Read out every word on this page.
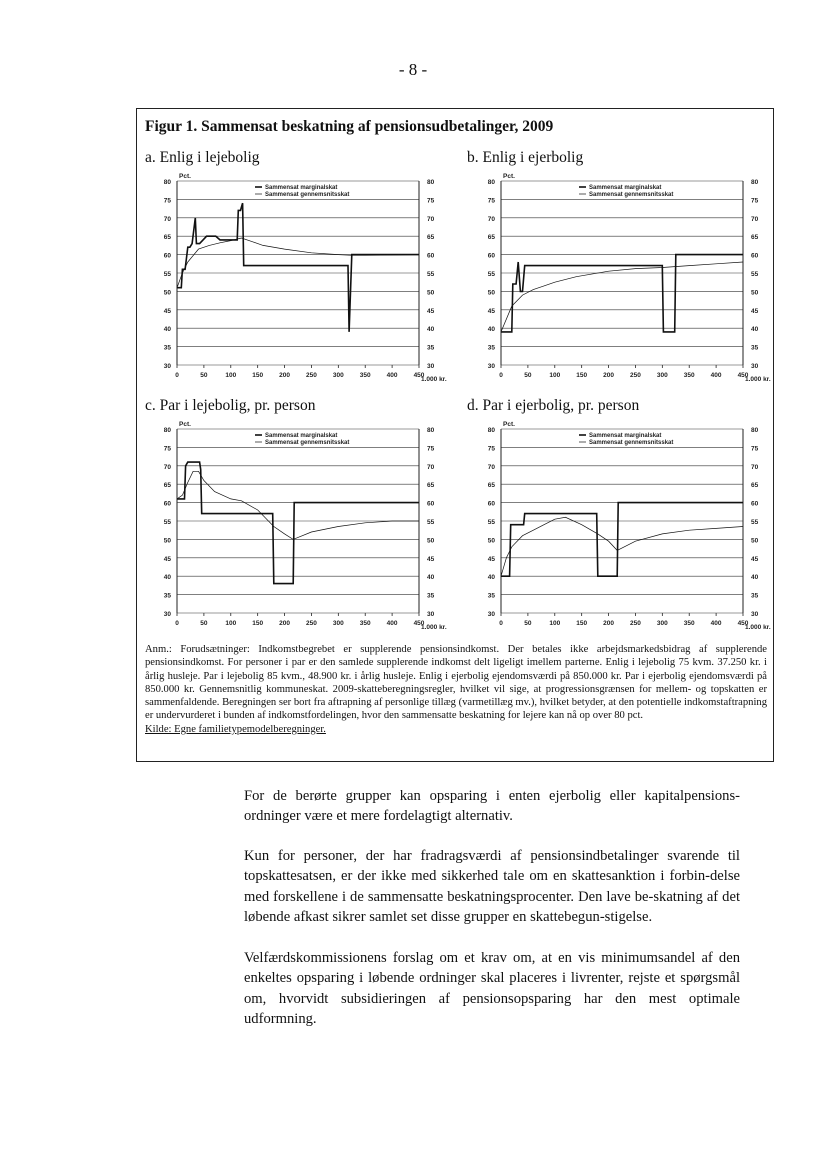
- 8 -
Figur 1. Sammensat beskatning af pensionsudbetalinger, 2009
a. Enlig i lejebolig	b. Enlig i ejerbolig
c. Par i lejebolig, pr. person	d. Par i ejerbolig, pr. person
30	30
35	35
40	40
45	45
50	50
55	55
60	60
65	65
70	70
75	75
80	80
0	50	100 150 200 250 300 350 400 450
1.000 kr.
Pct.
Sammensat marginalskat
Sammensat gennemsnitsskat
30	30
35	35
40	40
45	45
50	50
55	55
60	60
65	65
70	70
75	75
80	80
0	50	100 150 200 250 300 350 400 450
1.000 kr.
Pct.
Sammensat marginalskat
Sammensat gennemsnitsskat
30	30
35	35
40	40
45	45
50	50
55	55
60	60
65	65
70	70
75	75
80	80
0	50	100 150 200 250 300 350 400 450
1.000 kr.
Pct.
Sammensat marginalskat
Sammensat gennemsnitsskat
30	30
35	35
40	40
45	45
50	50
55	55
60	60
65	65
70	70
75	75
80	80
0	50	100 150 200 250 300 350 400 450
1.000 kr.
Pct.
Sammensat marginalskat
Sammensat gennemsnitsskat
Anm.: Forudsætninger: Indkomstbegrebet er supplerende pensionsindkomst. Der betales ikke arbejdsmarkedsbidrag af supplerende pensionsindkomst. For personer i par er den samlede supplerende indkomst delt ligeligt imellem parterne. Enlig i lejebolig 75 kvm. 37.250 kr. i årlig husleje. Par i lejebolig 85 kvm., 48.900 kr. i årlig husleje. Enlig i ejerbolig ejendomsværdi på 850.000 kr. Par i ejerbolig ejendomsværdi på 850.000 kr. Gennemsnitlig kommuneskat. 2009-skatteberegningsregler, hvilket vil sige, at progressionsgrænsen for mellem- og topskatten er sammenfaldende. Beregningen ser bort fra aftrapning af personlige tillæg (varmetillæg mv.), hvilket betyder, at den potentielle indkomstaftrapning er undervurderet i bunden af indkomstfordelingen, hvor den sammensatte beskatning for lejere kan nå op over 80 pct.
Kilde: Egne familietypemodelberegninger.
For de berørte grupper kan opsparing i enten ejerbolig eller kapitalpensions-ordninger være et mere fordelagtigt alternativ.
Kun for personer, der har fradragsværdi af pensionsindbetalinger svarende til topskattesatsen, er der ikke med sikkerhed tale om en skattesanktion i forbin-delse med forskellene i de sammensatte beskatningsprocenter. Den lave be-skatning af det løbende afkast sikrer samlet set disse grupper en skattebegun-stigelse.
Velfærdskommissionens forslag om et krav om, at en vis minimumsandel af den enkeltes opsparing i løbende ordninger skal placeres i livrenter, rejste et spørgsmål om, hvorvidt subsidieringen af pensionsopsparing har den mest optimale udformning.
